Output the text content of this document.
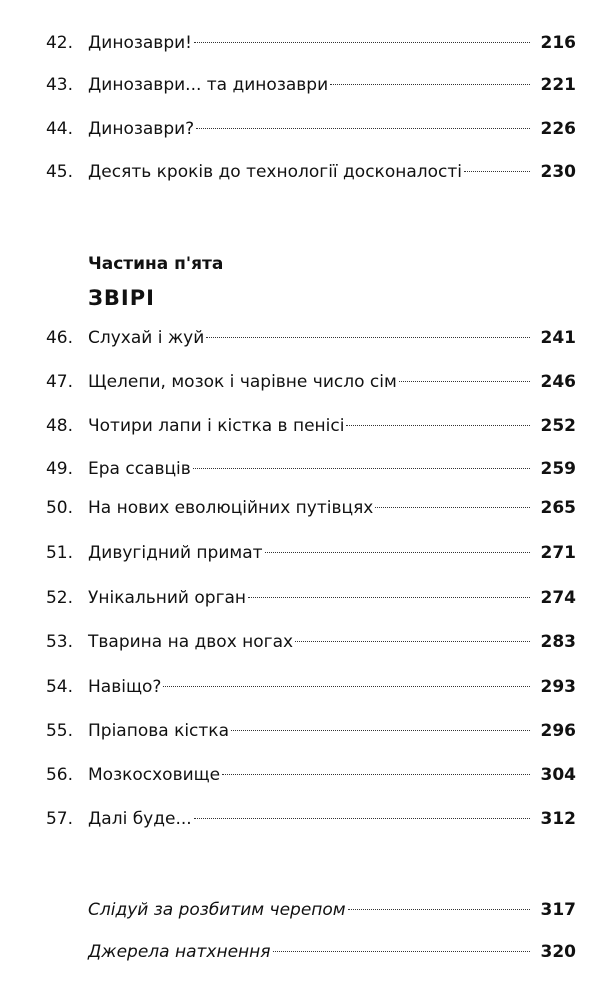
42. Динозаври!	216
43. Динозаври... та динозаври	221
44. Динозаври?	226
45. Десять кроків до технології досконалості	230
Частина п'ята
ЗВІРІ
46. Слухай і жуй	241
47. Щелепи, мозок і чарівне число сім	246
48. Чотири лапи і кістка в пенісі	252
49. Ера ссавців	259
50. На нових еволюційних путівцях	265
51. Дивугідний примат	271
52. Унікальний орган	274
53. Тварина на двох ногах	283
54. Навіщо?	293
55. Пріапова кістка	296
56. Мозкосховище	304
57. Далі буде...	312
Слідуй за розбитим черепом	317
Джерела натхнення	320
